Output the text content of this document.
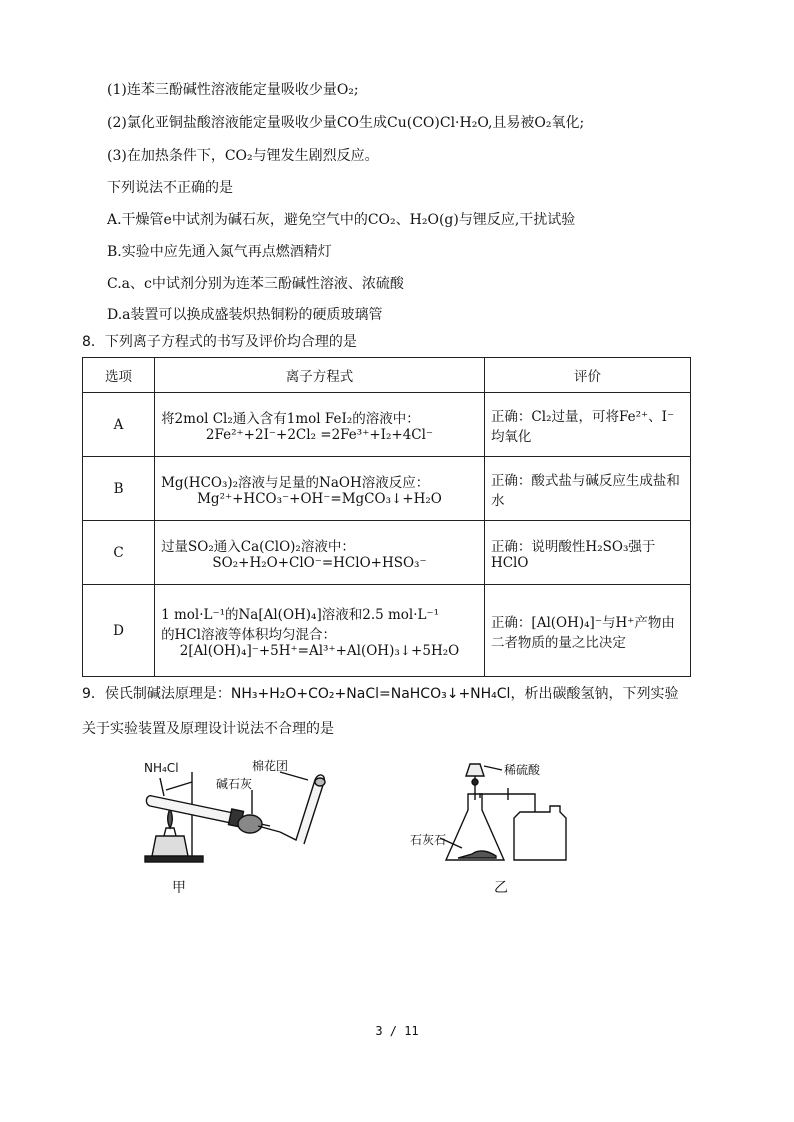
(1)连苯三酚碱性溶液能定量吸收少量O₂;
(2)氯化亚铜盐酸溶液能定量吸收少量CO生成Cu(CO)Cl·H₂O,且易被O₂氧化;
(3)在加热条件下，CO₂与锂发生剧烈反应。
下列说法不正确的是
A.干燥管e中试剂为碱石灰，避免空气中的CO₂、H₂O(g)与锂反应,干扰试验
B.实验中应先通入氮气再点燃酒精灯
C.a、c中试剂分别为连苯三酚碱性溶液、浓硫酸
D.a装置可以换成盛装炽热铜粉的硬质玻璃管
8．下列离子方程式的书写及评价均合理的是
选项	离子方程式	评价
A	将2mol Cl₂通入含有1mol FeI₂的溶液中：

2Fe²⁺+2I⁻+2Cl₂ =2Fe³⁺+I₂+4Cl⁻	正确：Cl₂过量，可将Fe²⁺、I⁻均氧化
B	Mg(HCO₃)₂溶液与足量的NaOH溶液反应：

Mg²⁺+HCO₃⁻+OH⁻=MgCO₃↓+H₂O	正确：酸式盐与碱反应生成盐和水
C	过量SO₂通入Ca(ClO)₂溶液中：

SO₂+H₂O+ClO⁻=HClO+HSO₃⁻	正确：说明酸性H₂SO₃强于HClO
D	1 mol·L⁻¹的Na[Al(OH)₄]溶液和2.5 mol·L⁻¹
的HCl溶液等体积均匀混合：

2[Al(OH)₄]⁻+5H⁺=Al³⁺+Al(OH)₃↓+5H₂O	正确：[Al(OH)₄]⁻与H⁺产物由二者物质的量之比决定
9．侯氏制碱法原理是：NH₃+H₂O+CO₂+NaCl=NaHCO₃↓+NH₄Cl，析出碳酸氢钠，下列实验
关于实验装置及原理设计说法不合理的是
NH₄Cl
碱石灰
棉花团
甲
稀硫酸
石灰石
乙
3 / 11
